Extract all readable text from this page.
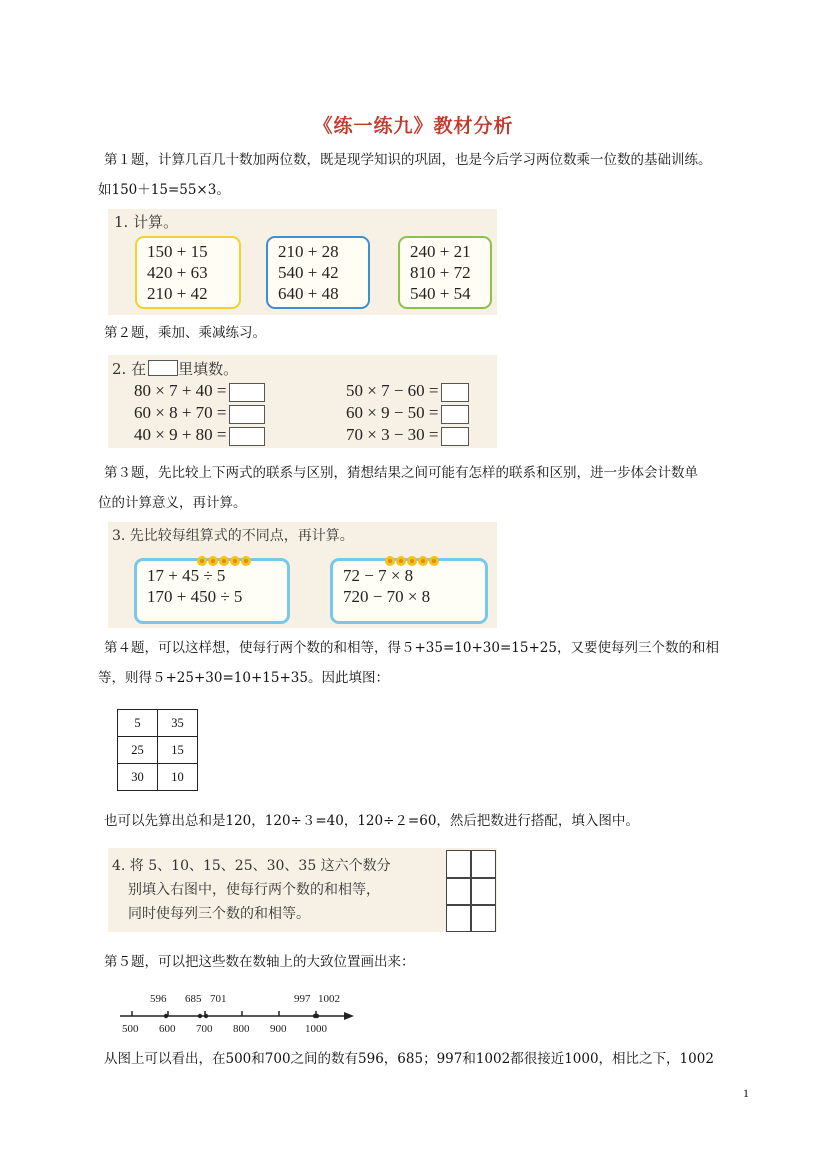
《练一练九》教材分析
第１题，计算几百几十数加两位数，既是现学知识的巩固，也是今后学习两位数乘一位数的基础训练。
如150＋15=55×3。
1. 计算。
150 + 15
420 + 63
210 + 42
210 + 28
540 + 42
640 + 48
240 + 21
810 + 72
540 + 54
第２题，乘加、乘减练习。
2. 在 里填数。
80 × 7 + 40 =
60 × 8 + 70 =
40 × 9 + 80 =
50 × 7 − 60 =
60 × 9 − 50 =
70 × 3 − 30 =
第３题，先比较上下两式的联系与区别，猜想结果之间可能有怎样的联系和区别，进一步体会计数单
位的计算意义，再计算。
3. 先比较每组算式的不同点，再计算。
17 + 45 ÷ 5
170 + 450 ÷ 5
72 − 7 × 8
720 − 70 × 8
第４题，可以这样想，使每行两个数的和相等，得５+35=10+30=15+25，又要使每列三个数的和相
等，则得５+25+30=10+15+35。因此填图：
5	35
25	15
30	10
也可以先算出总和是120，120÷３=40，120÷２=60，然后把数进行搭配，填入图中。
4. 将 5、10、15、25、30、35 这六个数分
别填入右图中，使每行两个数的和相等，
同时使每列三个数的和相等。
第５题，可以把这些数在数轴上的大致位置画出来：
500 600 700 800 900 1000
596 685 701	997 1002
从图上可以看出，在500和700之间的数有596，685；997和1002都很接近1000，相比之下，1002
1
